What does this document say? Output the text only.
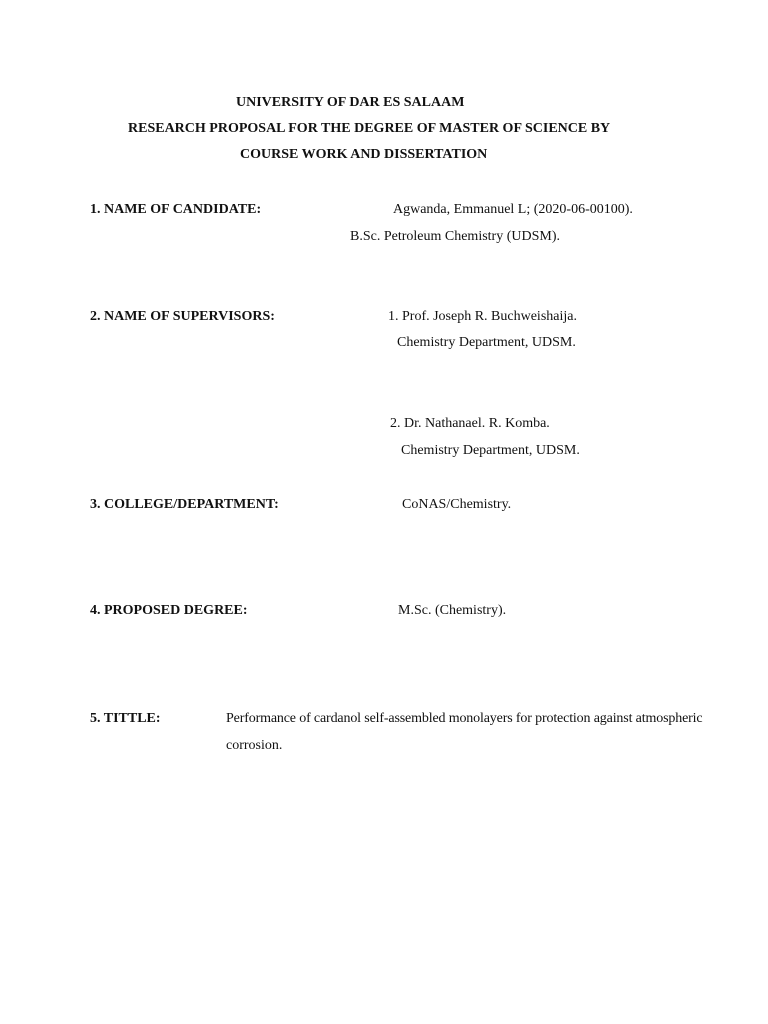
UNIVERSITY OF DAR ES SALAAM
RESEARCH PROPOSAL FOR THE DEGREE OF MASTER OF SCIENCE BY
COURSE WORK AND DISSERTATION
1. NAME OF CANDIDATE:	Agwanda, Emmanuel L; (2020-06-00100).
B.Sc. Petroleum Chemistry (UDSM).
2. NAME OF SUPERVISORS:	1. Prof. Joseph R. Buchweishaija.
Chemistry Department, UDSM.
2. Dr. Nathanael. R. Komba.
Chemistry Department, UDSM.
3. COLLEGE/DEPARTMENT:	CoNAS/Chemistry.
4. PROPOSED DEGREE:	M.Sc. (Chemistry).
5. TITTLE:	Performance of cardanol self-assembled monolayers for protection against atmospheric
corrosion.
